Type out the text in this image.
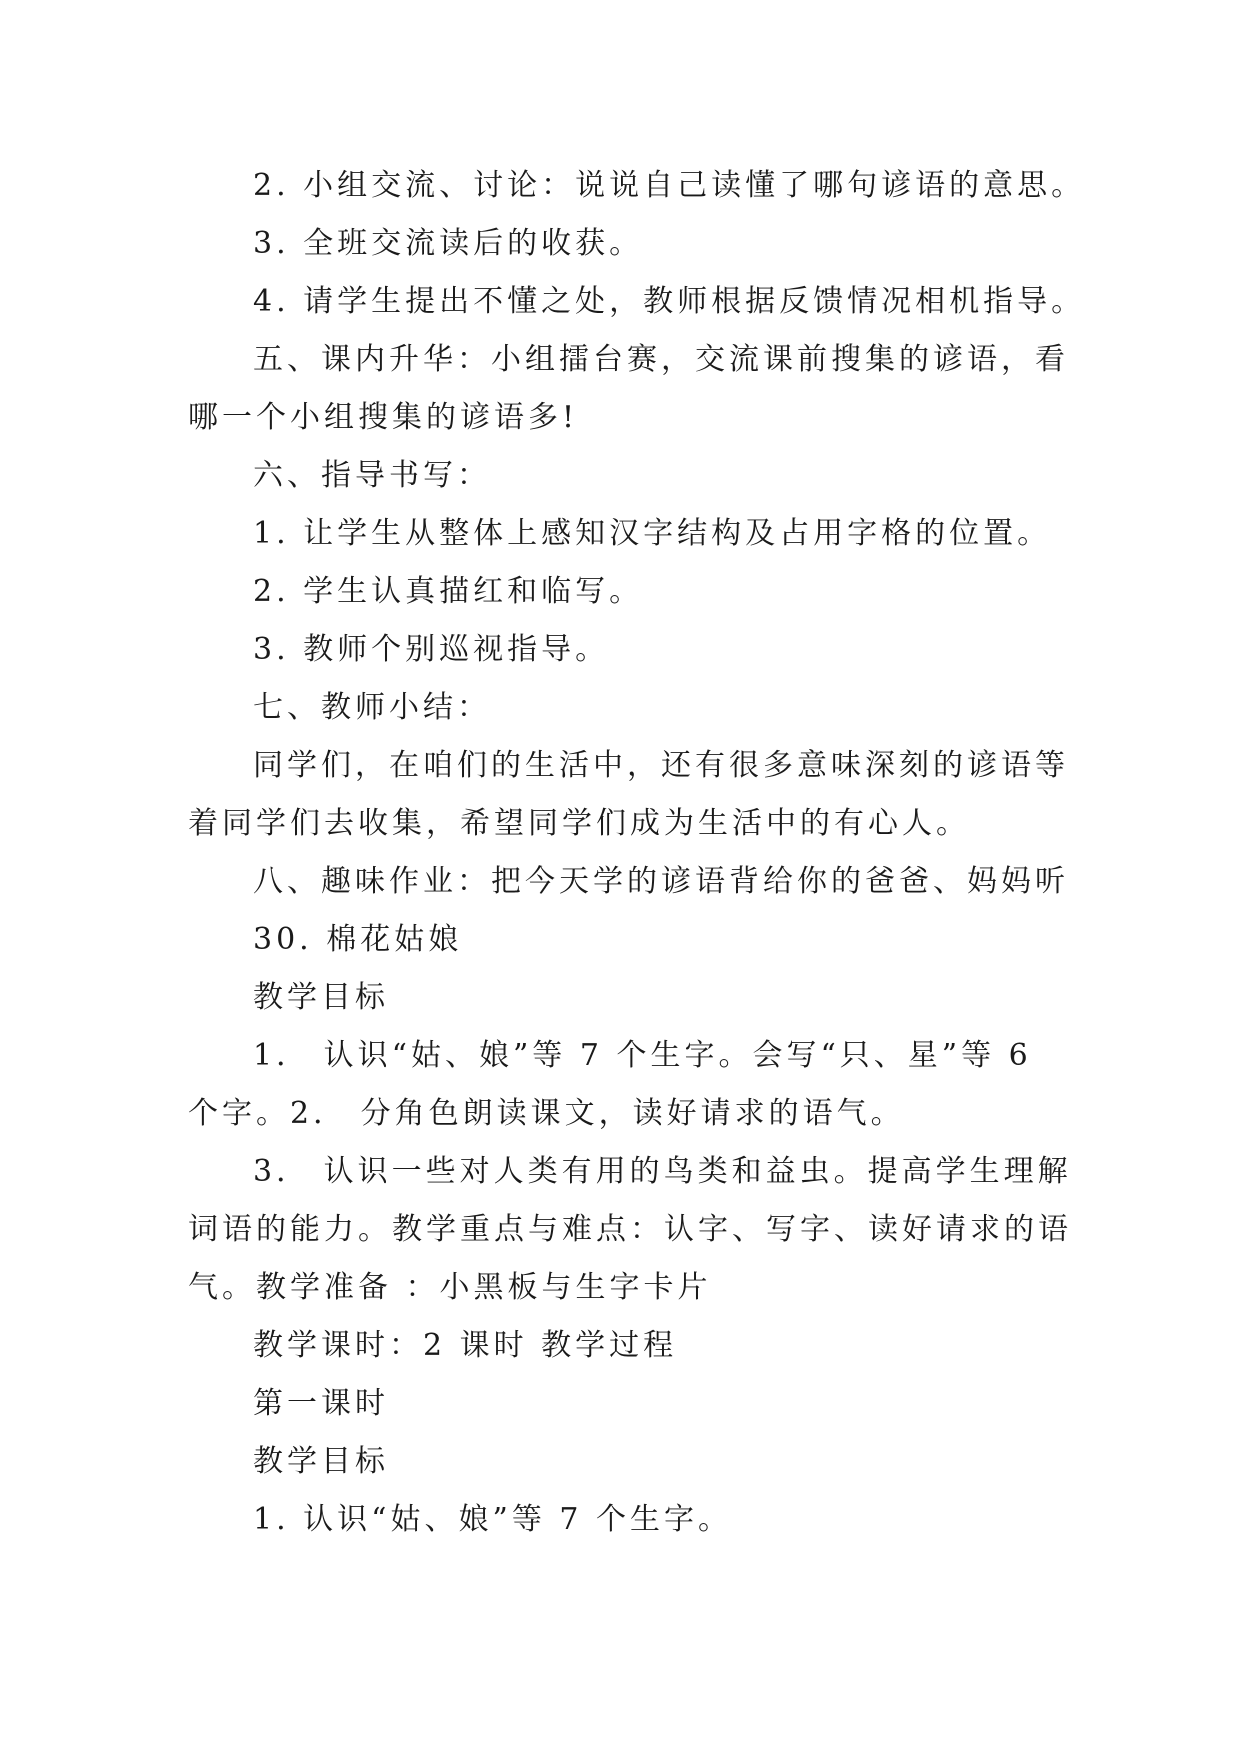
2. 小组交流、讨论：说说自己读懂了哪句谚语的意思。
3. 全班交流读后的收获。
4. 请学生提出不懂之处，教师根据反馈情况相机指导。
五、课内升华：小组擂台赛，交流课前搜集的谚语，看
哪一个小组搜集的谚语多!
六、指导书写：
1. 让学生从整体上感知汉字结构及占用字格的位置。
2. 学生认真描红和临写。
3. 教师个别巡视指导。
七、教师小结：
同学们，在咱们的生活中，还有很多意味深刻的谚语等
着同学们去收集，希望同学们成为生活中的有心人。
八、趣味作业：把今天学的谚语背给你的爸爸、妈妈听
30. 棉花姑娘
教学目标
1． 认识“姑、娘”等 7 个生字。会写“只、星”等 6
个字。2． 分角色朗读课文，读好请求的语气。
3． 认识一些对人类有用的鸟类和益虫。提高学生理解
词语的能力。教学重点与难点：认字、写字、读好请求的语
气。教学准备 ：小黑板与生字卡片
教学课时：2 课时 教学过程
第一课时
教学目标
1. 认识“姑、娘”等 7 个生字。
